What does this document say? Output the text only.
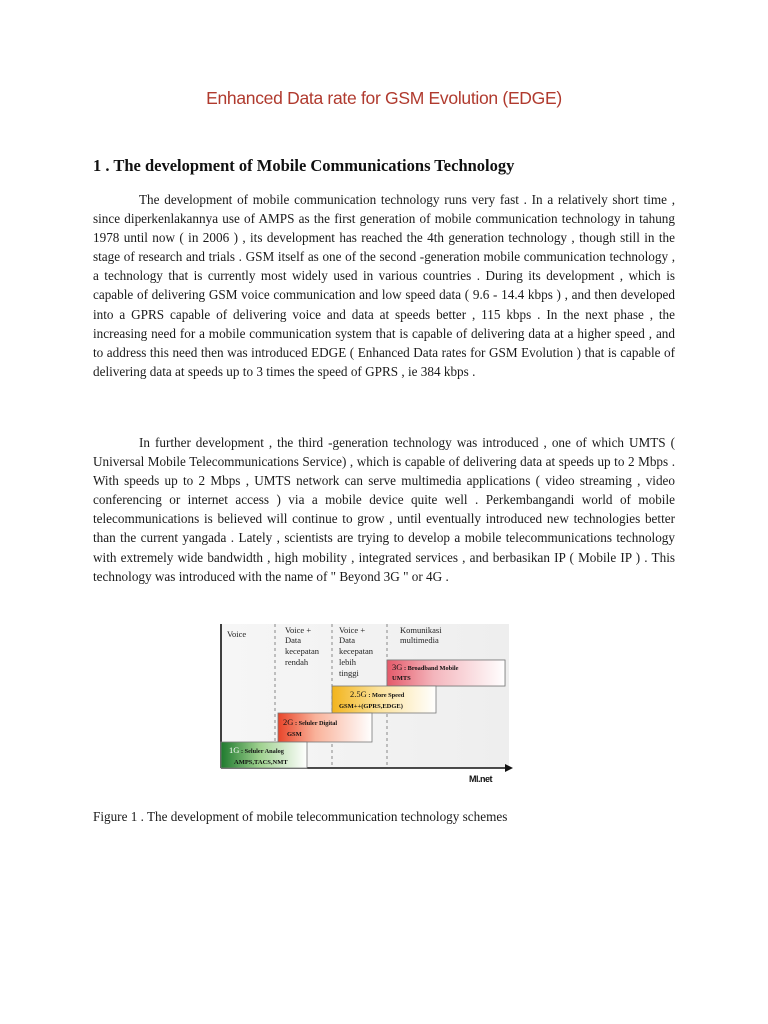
Enhanced Data rate for GSM Evolution (EDGE)
1 . The development of Mobile Communications Technology

The development of mobile communication technology runs very fast . In a relatively short time , since diperkenlakannya use of AMPS as the first generation of mobile communication technology in tahung 1978 until now ( in 2006 ) , its development has reached the 4th generation technology , though still in the stage of research and trials . GSM itself as one of the second -generation mobile communication technology , a technology that is currently most widely used in various countries . During its development , which is capable of delivering GSM voice communication and low speed data ( 9.6 - 14.4 kbps ) , and then developed into a GPRS capable of delivering voice and data at speeds better , 115 kbps . In the next phase , the increasing need for a mobile communication system that is capable of delivering data at a higher speed , and to address this need then was introduced EDGE ( Enhanced Data rates for GSM Evolution ) that is capable of delivering data at speeds up to 3 times the speed of GPRS , ie 384 kbps .

In further development , the third -generation technology was introduced , one of which UMTS ( Universal Mobile Telecommunications Service) , which is capable of delivering data at speeds up to 2 Mbps . With speeds up to 2 Mbps , UMTS network can serve multimedia applications ( video streaming , video conferencing or internet access ) via a mobile device quite well . Perkembangandi world of mobile telecommunications is believed will continue to grow , until eventually introduced new technologies better than the current yangada . Lately , scientists are trying to develop a mobile telecommunications technology with extremely wide bandwidth , high mobility , integrated services , and berbasikan IP ( Mobile IP ) . This technology was introduced with the name of " Beyond 3G " or 4G .

Voice	Voice +
Data
kecepatan
rendah
Voice +
Data
kecepatan
lebih
tinggi
Komunikasi
multimedia
3G : Broadband Mobile
UMTS
2.5G : More Speed
GSM++(GPRS,EDGE)
2G : Seluler Digital
GSM
1G : Seluler Analog
AMPS,TACS,NMT
Ml.net
Figure 1 . The development of mobile telecommunication technology schemes
